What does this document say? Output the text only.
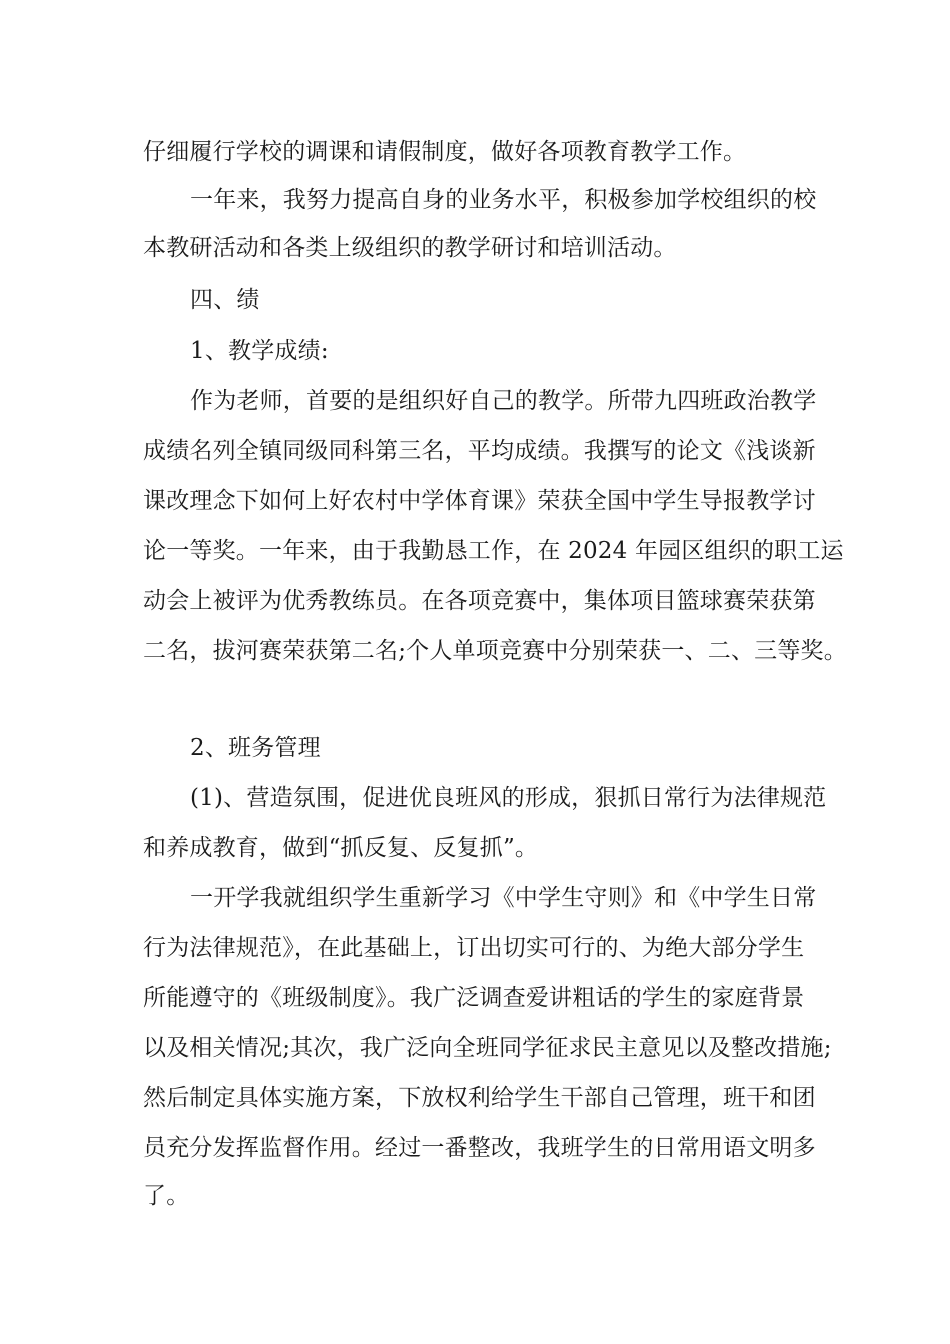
仔细履行学校的调课和请假制度，做好各项教育教学工作。
一年来，我努力提高自身的业务水平，积极参加学校组织的校
本教研活动和各类上级组织的教学研讨和培训活动。
四、绩
1、教学成绩:
作为老师，首要的是组织好自己的教学。所带九四班政治教学
成绩名列全镇同级同科第三名，平均成绩。我撰写的论文《浅谈新
课改理念下如何上好农村中学体育课》荣获全国中学生导报教学讨
论一等奖。一年来，由于我勤恳工作，在 2024 年园区组织的职工运
动会上被评为优秀教练员。在各项竞赛中，集体项目篮球赛荣获第
二名，拔河赛荣获第二名;个人单项竞赛中分别荣获一、二、三等奖。
2、班务管理
(1)、营造氛围，促进优良班风的形成，狠抓日常行为法律规范
和养成教育，做到“抓反复、反复抓”。
一开学我就组织学生重新学习《中学生守则》和《中学生日常
行为法律规范》，在此基础上，订出切实可行的、为绝大部分学生
所能遵守的《班级制度》。我广泛调查爱讲粗话的学生的家庭背景
以及相关情况;其次，我广泛向全班同学征求民主意见以及整改措施;
然后制定具体实施方案，下放权利给学生干部自己管理，班干和团
员充分发挥监督作用。经过一番整改，我班学生的日常用语文明多
了。
